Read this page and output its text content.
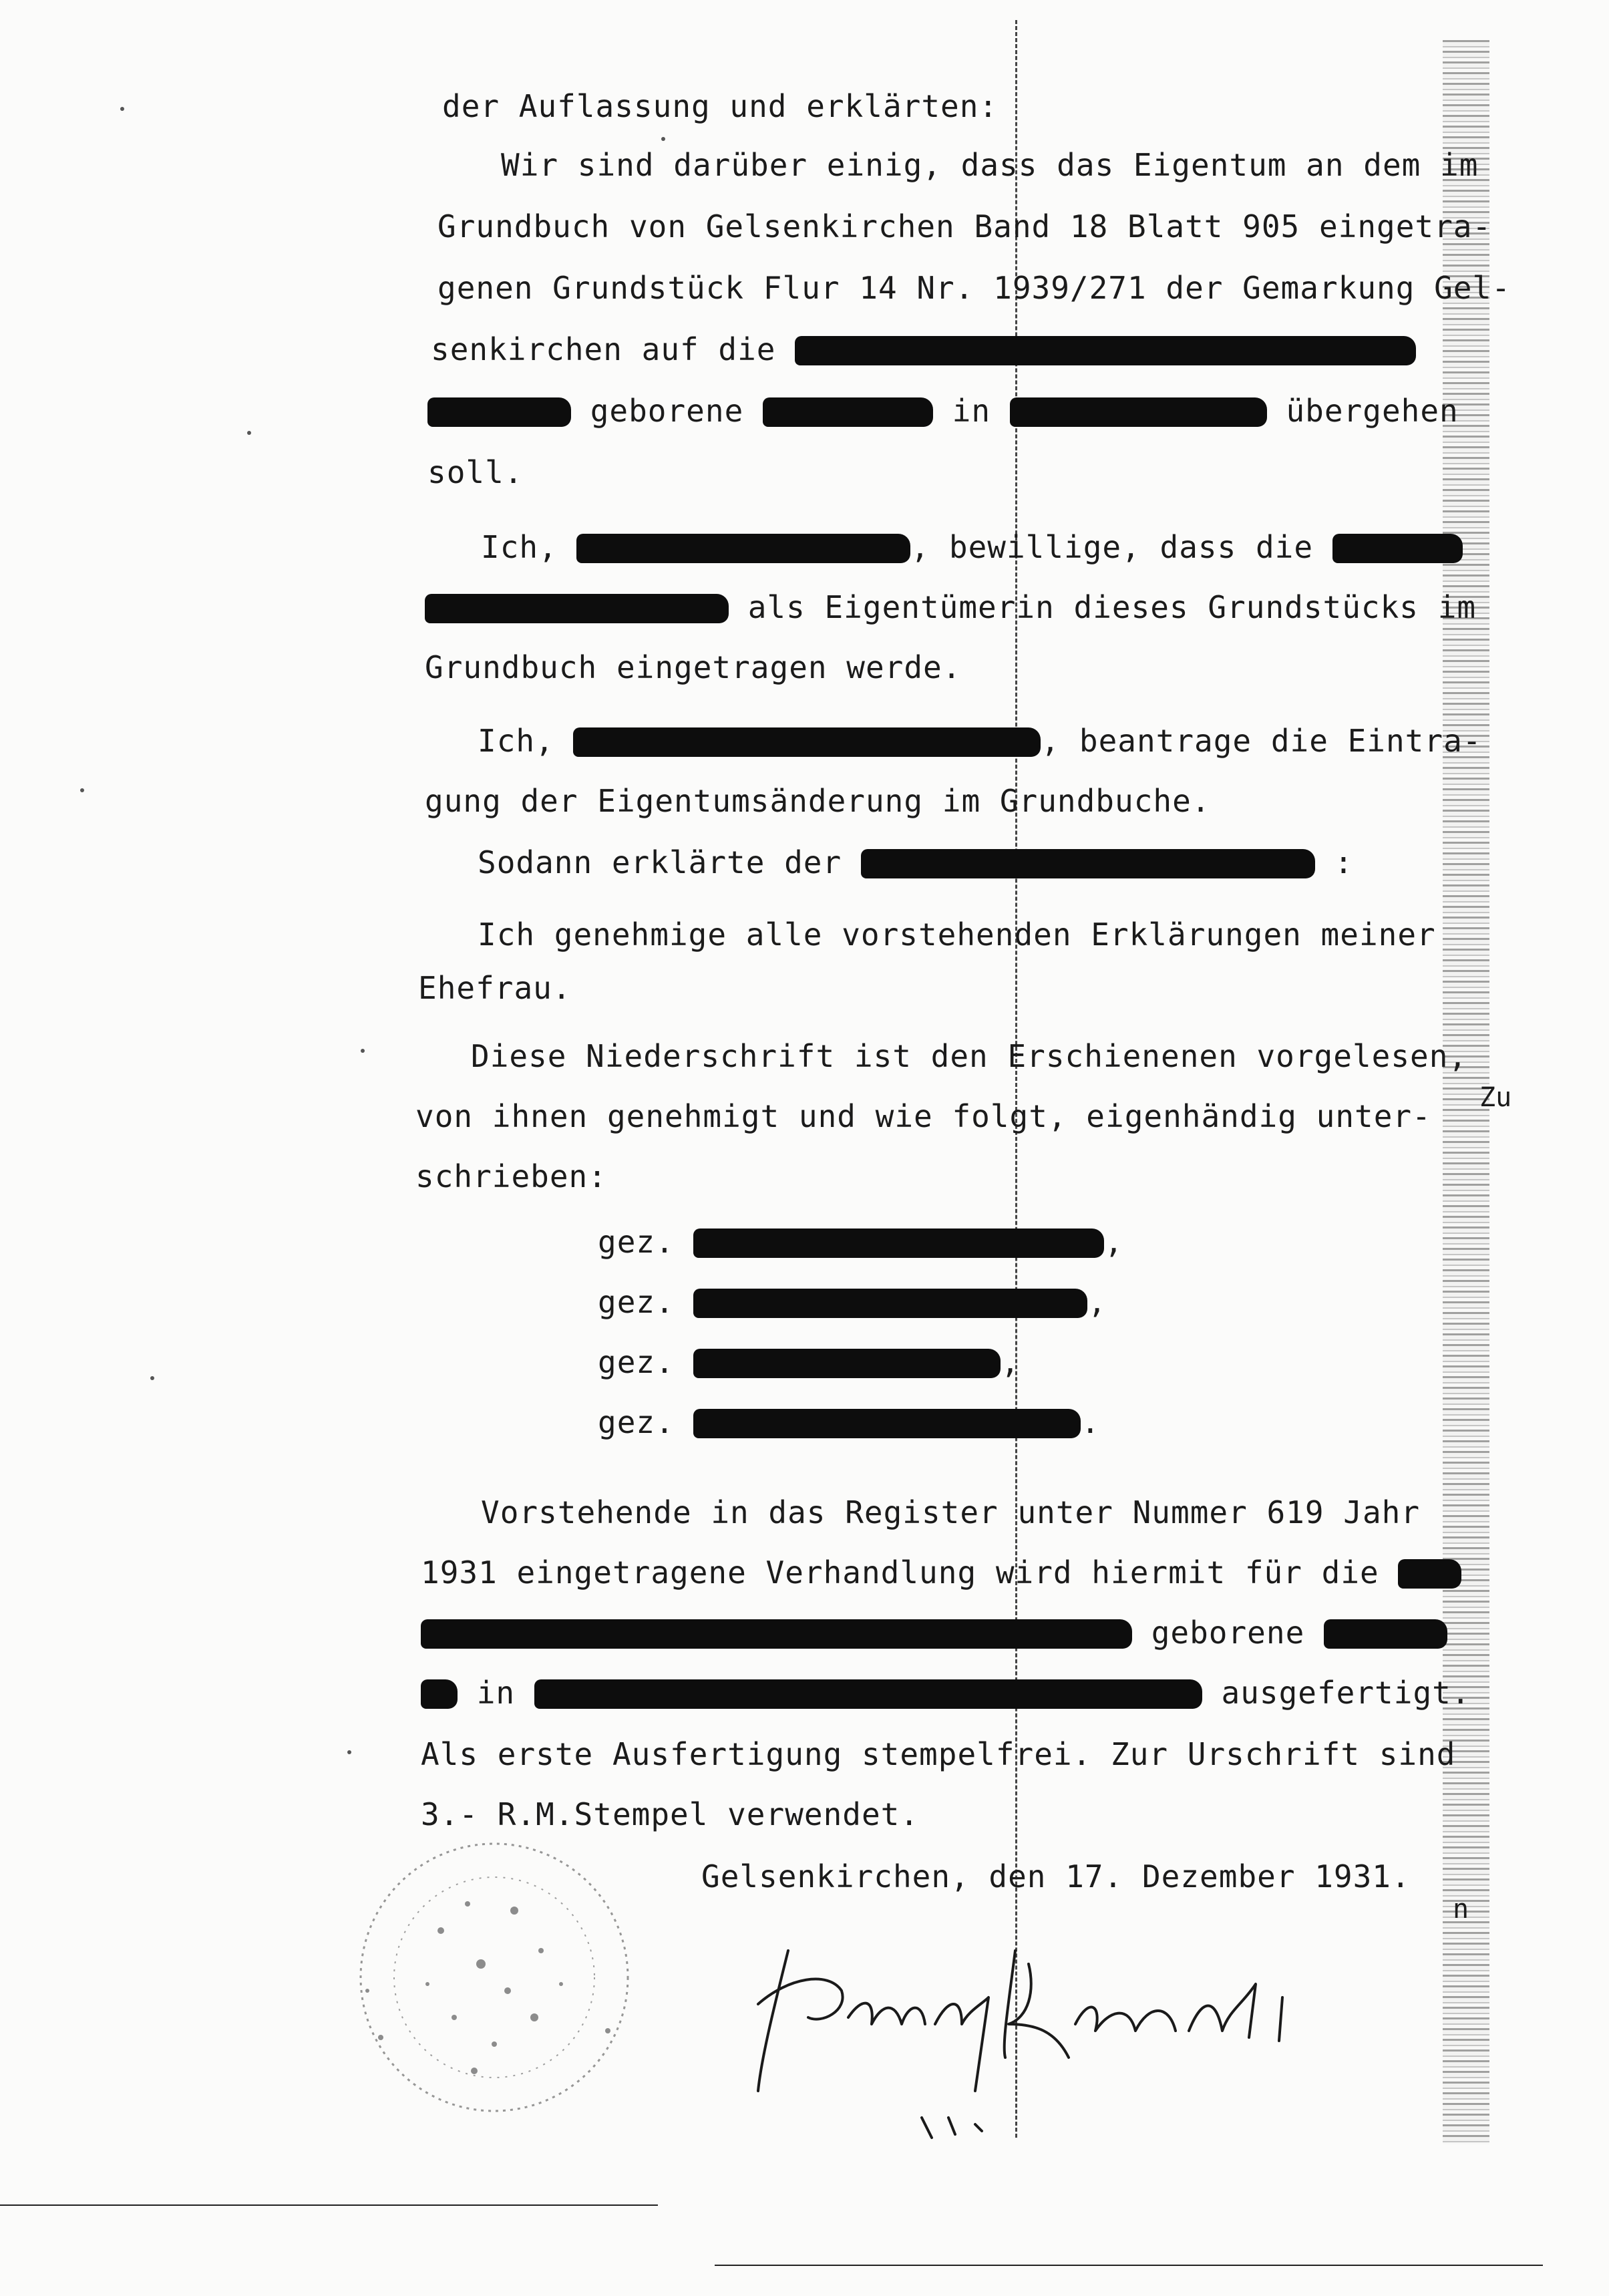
der Auflassung und erklärten:
Wir sind darüber einig, dass das Eigentum an dem im
Grundbuch von Gelsenkirchen Band 18 Blatt 905 eingetra-
genen Grundstück Flur 14 Nr. 1939/271 der Gemarkung Gel-
senkirchen auf die
geborene	in	übergehen
soll.
Ich,	, bewillige, dass die
als Eigentümerin dieses Grundstücks im
Grundbuch eingetragen werde.
Ich,	, beantrage die Eintra-
gung der Eigentumsänderung im Grundbuche.
Sodann erklärte der	:
Ich genehmige alle vorstehenden Erklärungen meiner
Ehefrau.
Diese Niederschrift ist den Erschienenen vorgelesen,
von ihnen genehmigt und wie folgt, eigenhändig unter-
schrieben:
gez.	,
gez.	,
gez.	,
gez.	.
Vorstehende in das Register unter Nummer 619 Jahr
1931 eingetragene Verhandlung wird hiermit für die
geborene
in	ausgefertigt.
Als erste Ausfertigung stempelfrei. Zur Urschrift sind
3.- R.M.Stempel verwendet.
Gelsenkirchen, den 17. Dezember 1931.
Zu
n
